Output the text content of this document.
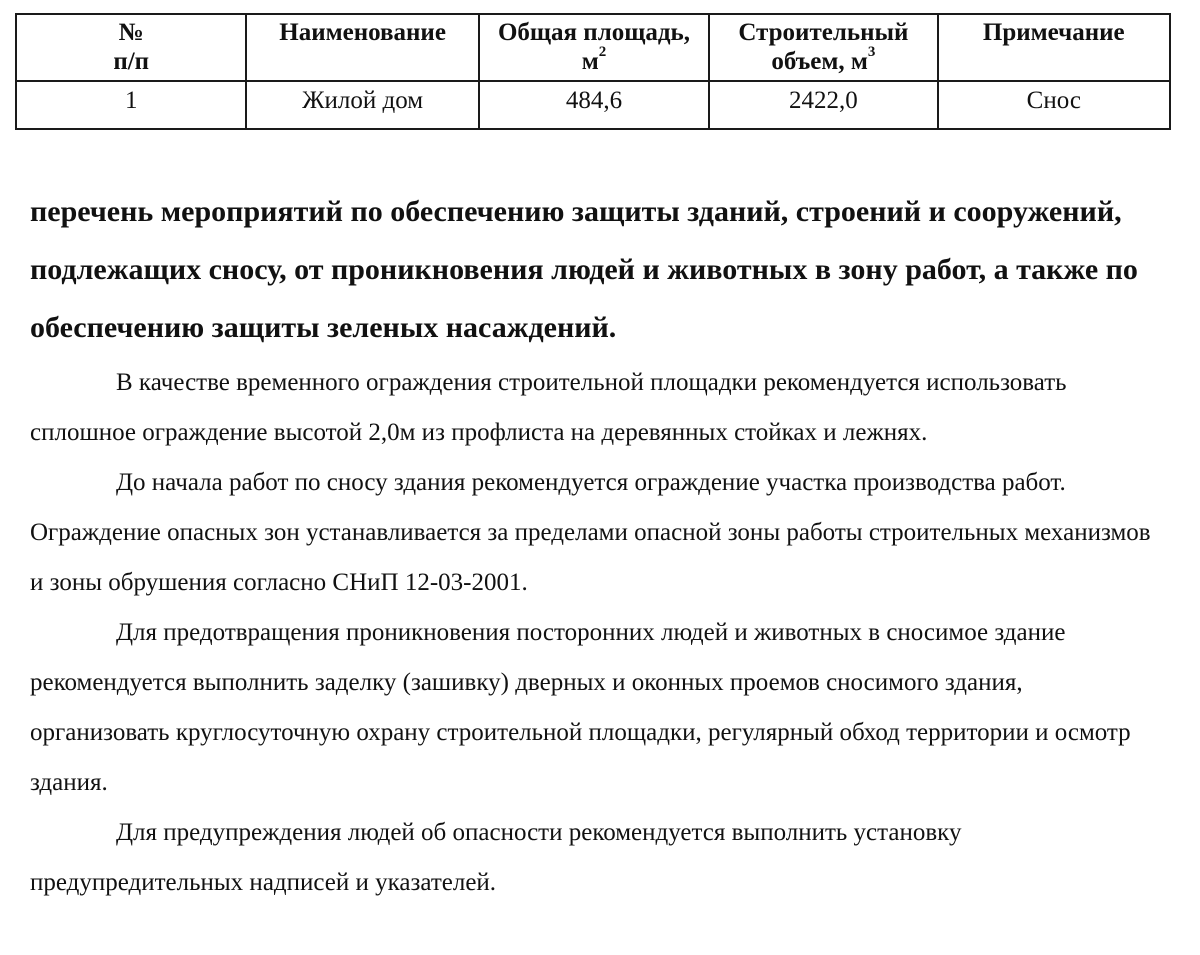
№
п/п	Наименование	Общая площадь, $м^2$	Строительный объем, $м^3$	Примечание
1	Жилой дом	484,6	2422,0	Снос
перечень мероприятий по обеспечению защиты зданий, строений и сооружений, подлежащих сносу, от проникновения людей и животных в зону работ, а также по обеспечению защиты зеленых насаждений.

В качестве временного ограждения строительной площадки рекомендуется использовать сплошное ограждение высотой 2,0м из профлиста на деревянных стойках и лежнях.

До начала работ по сносу здания рекомендуется ограждение участка производства работ. Ограждение опасных зон устанавливается за пределами опасной зоны работы строительных механизмов и зоны обрушения согласно СНиП 12-03-2001.

Для предотвращения проникновения посторонних людей и животных в сносимое здание рекомендуется выполнить заделку (зашивку) дверных и оконных проемов сносимого здания, организовать круглосуточную охрану строительной площадки, регулярный обход территории и осмотр здания.

Для предупреждения людей об опасности рекомендуется выполнить установку предупредительных надписей и указателей.
